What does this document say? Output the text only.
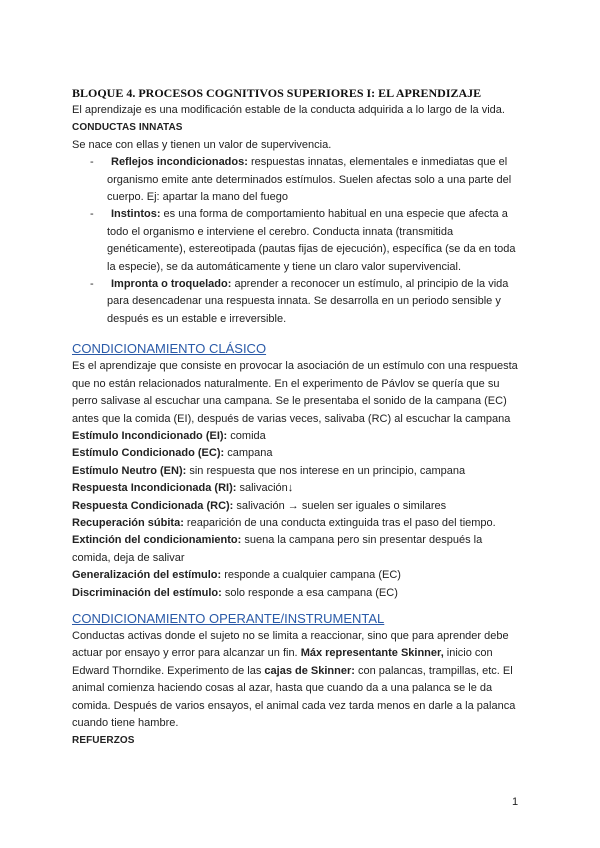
BLOQUE 4. PROCESOS COGNITIVOS SUPERIORES I: EL APRENDIZAJE

El aprendizaje es una modificación estable de la conducta adquirida a lo largo de la vida.

CONDUCTAS INNATAS

Se nace con ellas y tienen un valor de supervivencia.

- Reflejos incondicionados: respuestas innatas, elementales e inmediatas que el organismo emite ante determinados estímulos. Suelen afectas solo a una parte del cuerpo. Ej: apartar la mano del fuego
- Instintos: es una forma de comportamiento habitual en una especie que afecta a todo el organismo e interviene el cerebro. Conducta innata (transmitida genéticamente), estereotipada (pautas fijas de ejecución), específica (se da en toda la especie), se da automáticamente y tiene un claro valor supervivencial.
- Impronta o troquelado: aprender a reconocer un estímulo, al principio de la vida para desencadenar una respuesta innata. Se desarrolla en un periodo sensible y después es un estable e irreversible.
CONDICIONAMIENTO CLÁSICO

Es el aprendizaje que consiste en provocar la asociación de un estímulo con una respuesta que no están relacionados naturalmente. En el experimento de Pávlov se quería que su perro salivase al escuchar una campana. Se le presentaba el sonido de la campana (EC) antes que la comida (EI), después de varias veces, salivaba (RC) al escuchar la campana

Estímulo Incondicionado (EI): comida

Estímulo Condicionado (EC): campana

Estímulo Neutro (EN): sin respuesta que nos interese en un principio, campana

Respuesta Incondicionada (RI): salivación↓

Respuesta Condicionada (RC): salivación → suelen ser iguales o similares

Recuperación súbita: reaparición de una conducta extinguida tras el paso del tiempo.

Extinción del condicionamiento: suena la campana pero sin presentar después la comida, deja de salivar

Generalización del estímulo: responde a cualquier campana (EC)

Discriminación del estímulo: solo responde a esa campana (EC)

CONDICIONAMIENTO OPERANTE/INSTRUMENTAL

Conductas activas donde el sujeto no se limita a reaccionar, sino que para aprender debe actuar por ensayo y error para alcanzar un fin. Máx representante Skinner, inicio con Edward Thorndike. Experimento de las cajas de Skinner: con palancas, trampillas, etc. El animal comienza haciendo cosas al azar, hasta que cuando da a una palanca se le da comida. Después de varios ensayos, el animal cada vez tarda menos en darle a la palanca cuando tiene hambre.

REFUERZOS

1
